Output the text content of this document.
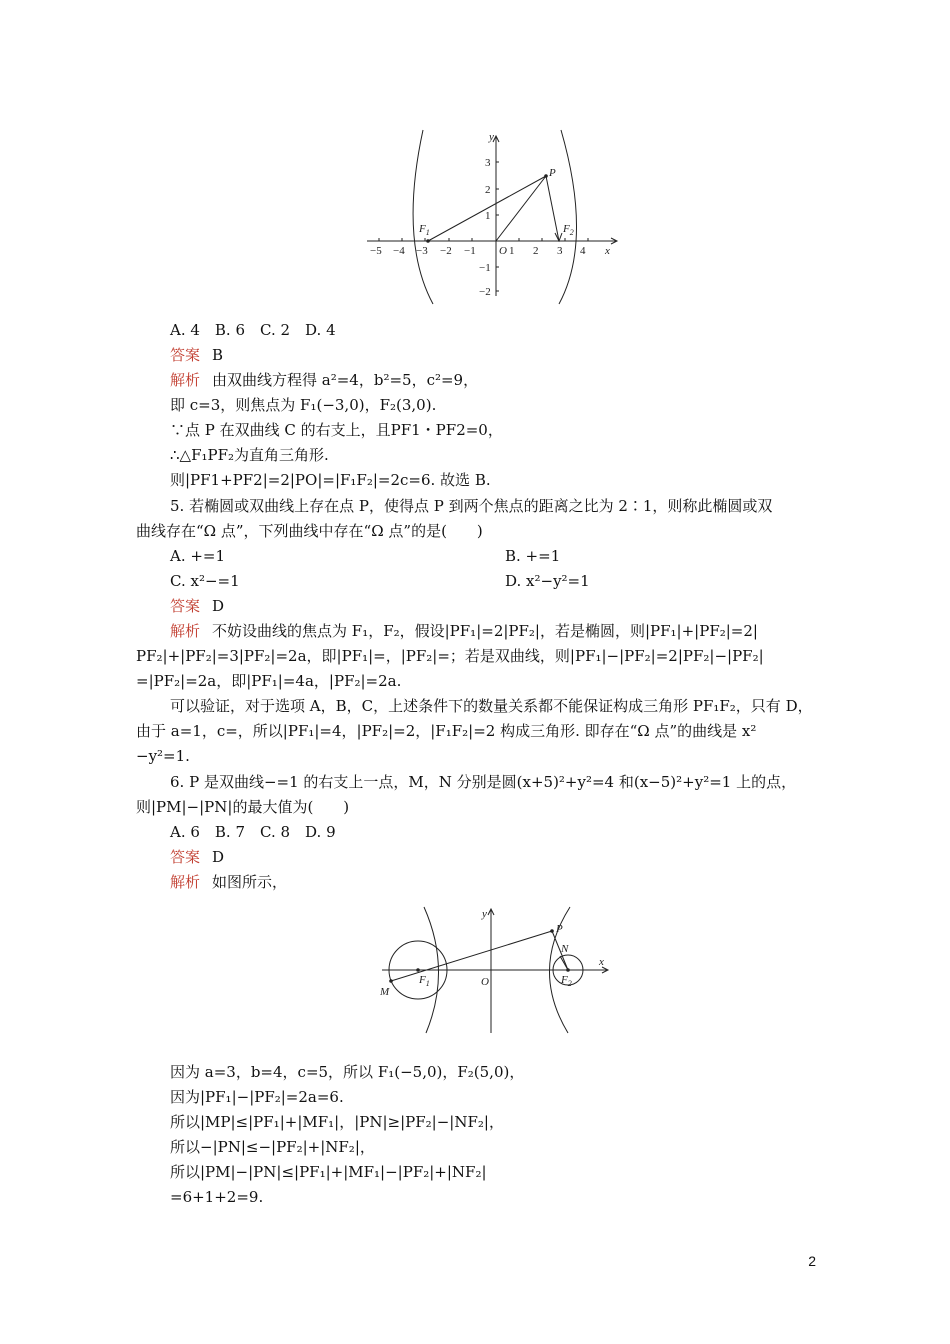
−5 −4 −3 −2 −1	1 2 3 4
3
2
1
−1
−2
O	x
y
P
$F_1$	$F_2$
A. 4　B. 6　C. 2　D. 4
答案 B
解析 由双曲线方程得 a²=4，b²=5，c²=9，
即 c=3，则焦点为 F₁(−3,0)，F₂(3,0).
∵点 P 在双曲线 C 的右支上，且PF1・PF2=0，
∴△F₁PF₂为直角三角形.
则|PF1+PF2|=2|PO|=|F₁F₂|=2c=6. 故选 B.
5. 若椭圆或双曲线上存在点 P，使得点 P 到两个焦点的距离之比为 2∶1，则称此椭圆或双
曲线存在“Ω 点”，下列曲线中存在“Ω 点”的是(　　)
A. +=1	B. +=1
C. x²−=1	D. x²−y²=1
答案 D
解析 不妨设曲线的焦点为 F₁，F₂，假设|PF₁|=2|PF₂|，若是椭圆，则|PF₁|+|PF₂|=2|
PF₂|+|PF₂|=3|PF₂|=2a，即|PF₁|=，|PF₂|=；若是双曲线，则|PF₁|−|PF₂|=2|PF₂|−|PF₂|
=|PF₂|=2a，即|PF₁|=4a，|PF₂|=2a.
可以验证，对于选项 A，B，C，上述条件下的数量关系都不能保证构成三角形 PF₁F₂，只有 D，
由于 a=1，c=，所以|PF₁|=4，|PF₂|=2，|F₁F₂|=2 构成三角形. 即存在“Ω 点”的曲线是 x²
−y²=1.
6. P 是双曲线−=1 的右支上一点，M，N 分别是圆(x+5)²+y²=4 和(x−5)²+y²=1 上的点，
则|PM|−|PN|的最大值为(　　)
A. 6　B. 7　C. 8　D. 9
答案 D
解析 如图所示，
x
y
O
P
N
M
$F_1$	$F_2$
因为 a=3，b=4，c=5，所以 F₁(−5,0)，F₂(5,0)，
因为|PF₁|−|PF₂|=2a=6.
所以|MP|≤|PF₁|+|MF₁|，|PN|≥|PF₂|−|NF₂|，
所以−|PN|≤−|PF₂|+|NF₂|，
所以|PM|−|PN|≤|PF₁|+|MF₁|−|PF₂|+|NF₂|
=6+1+2=9.
2
